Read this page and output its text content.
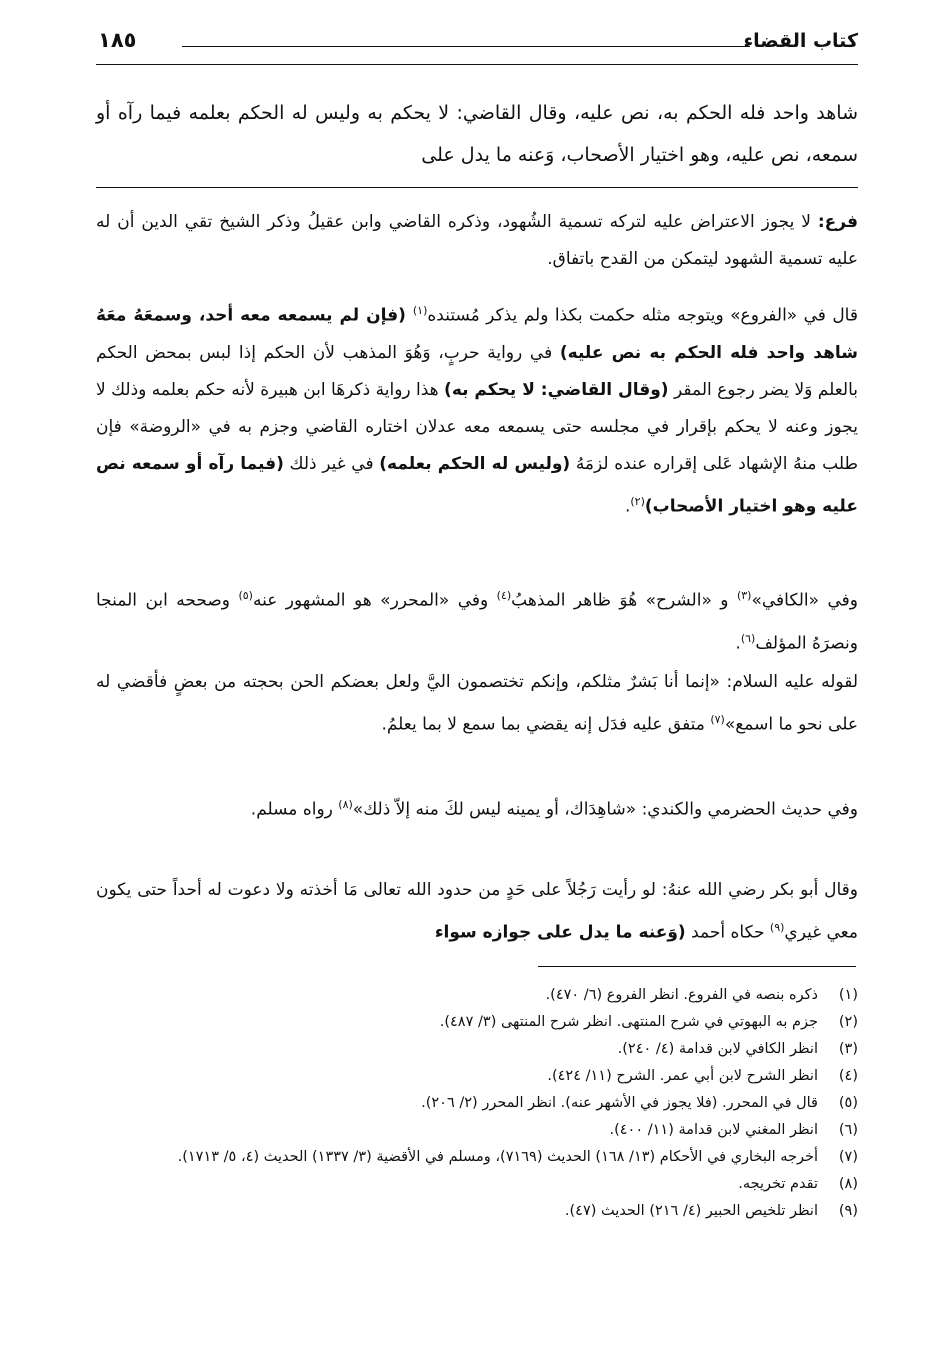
كتاب القضاء
١٨٥
شاهد واحد فله الحكم به، نص عليه، وقال القاضي: لا يحكم به وليس له الحكم بعلمه فيما رآه أو سمعه، نص عليه، وهو اختيار الأصحاب، وَعنه ما يدل على
فرع: لا يجوز الاعتراض عليه لتركه تسمية الشُهود، وذكره القاضي وابن عقيلُ وذكر الشيخ تقي الدين أن له عليه تسمية الشهود ليتمكن من القدح باتفاق.
قال في «الفروع» ويتوجه مثله حكمت بكذا ولم يذكر مُستنده$^{(١)}$ (فإن لم يسمعه معه أحد، وسمعَهُ معَهُ شاهد واحد فله الحكم به نص عليه) في رواية حربٍ، وَهُوَ المذهب لأن الحكم إذا لبس بمحض الحكم بالعلم وَلا يضر رجوع المقر (وقال القاضي: لا يحكم به) هذا رواية ذكرهَا ابن هبيرة لأنه حكم بعلمه وذلك لا يجوز وعنه لا يحكم بإقرار في مجلسه حتى يسمعه معه عدلان اختاره القاضي وجزم به في «الروضة» فإن طلب منهُ الإشهاد عَلى إقراره عنده لزمَهُ (وليس له الحكم بعلمه) في غير ذلك (فيما رآه أو سمعه نص عليه وهو اختيار الأصحاب)$^{(٢)}$.
وفي «الكافي»$^{(٣)}$ و «الشرح» هُوَ ظاهر المذهبُ$^{(٤)}$ وفي «المحرر» هو المشهور عنه$^{(٥)}$ وصححه ابن المنجا ونصرَهُ المؤلف$^{(٦)}$.
لقوله عليه السلام: «إنما أنا بَشرٌ مثلكم، وإنكم تختصمون اليَّ ولعل بعضكم الحن بحجته من بعضٍ فأقضي له على نحو ما اسمع»$^{(٧)}$ متفق عليه فدَل إنه يقضي بما سمع لا بما يعلمُ.
وفي حديث الحضرمي والكندي: «شاهِدَاك، أو يمينه ليس لكَ منه إلاّ ذلك»$^{(٨)}$ رواه مسلم.
وقال أبو بكر رضي الله عنهُ: لو رأيت رَجُلاً على حَدٍ من حدود الله تعالى مَا أخذته ولا دعوت له أحداً حتى يكون معي غيري$^{(٩)}$ حكاه أحمد (وَعنه ما يدل على جوازه سواء
(١)
ذكره بنصه في الفروع. انظر الفروع (٦/ ٤٧٠).
(٢)
جزم به البهوتي في شرح المنتهى. انظر شرح المنتهى (٣/ ٤٨٧).
(٣)
انظر الكافي لابن قدامة (٤/ ٢٤٠).
(٤)
انظر الشرح لابن أبي عمر. الشرح (١١/ ٤٢٤).
(٥)
قال في المحرر. (فلا يجوز في الأشهر عنه). انظر المحرر (٢/ ٢٠٦).
(٦)
انظر المغني لابن قدامة (١١/ ٤٠٠).
(٧)
أخرجه البخاري في الأحكام (١٣/ ١٦٨) الحديث (٧١٦٩)، ومسلم في الأقضية (٣/ ١٣٣٧) الحديث (٤، ٥/ ١٧١٣).
(٨)
تقدم تخريجه.
(٩)
انظر تلخيص الحبير (٤/ ٢١٦) الحديث (٤٧).
